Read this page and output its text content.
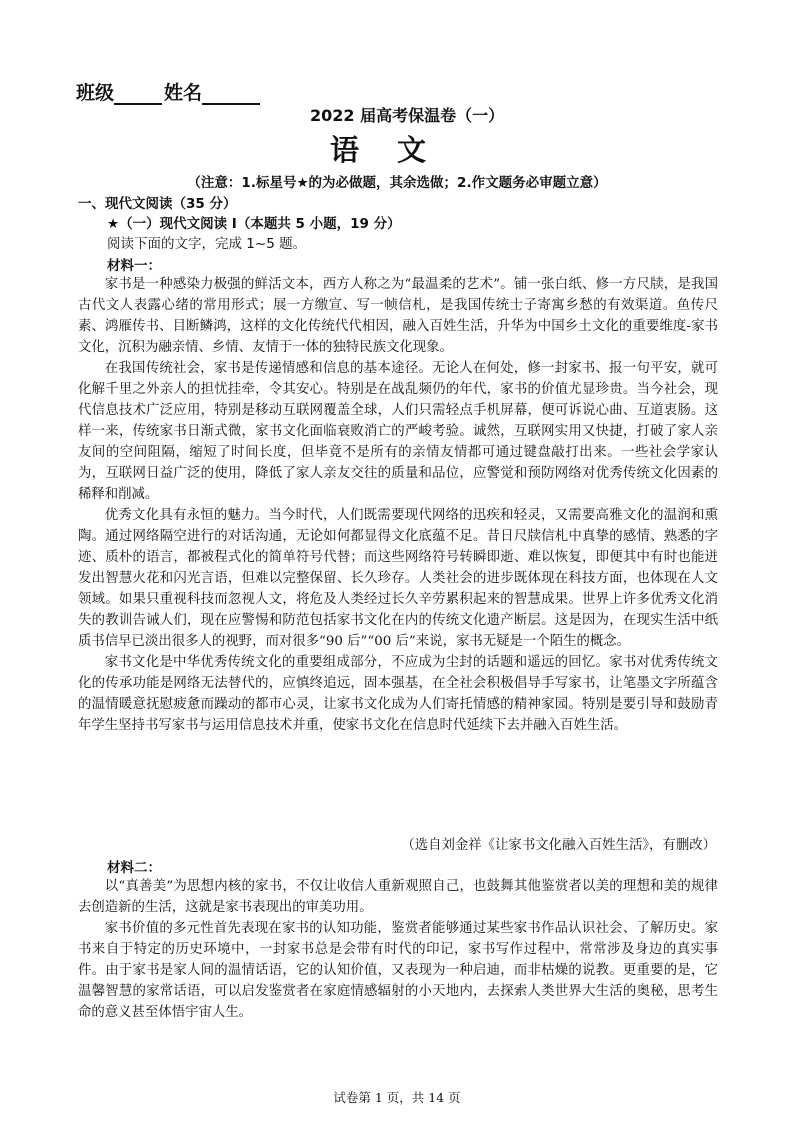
班级	姓名
2022 届高考保温卷（一）
语文
（注意：1.标星号★的为必做题，其余选做；2.作文题务必审题立意）
一、现代文阅读（35 分）
★（一）现代文阅读 I（本题共 5 小题，19 分）
阅读下面的文字，完成 1~5 题。
材料一：

家书是一种感染力极强的鲜活文本，西方人称之为“最温柔的艺术”。铺一张白纸、修一方尺牍，是我国古代文人表露心绪的常用形式；展一方缴宣、写一帧信札，是我国传统士子寄寓乡愁的有效渠道。鱼传尺素、鸿雁传书、目断鳞鸿，这样的文化传统代代相因，融入百姓生活，升华为中国乡土文化的重要维度-家书文化，沉积为融亲情、乡情、友情于一体的独特民族文化现象。

在我国传统社会，家书是传递情感和信息的基本途径。无论人在何处，修一封家书、报一句平安，就可化解千里之外亲人的担忧挂牵，令其安心。特别是在战乱频仍的年代，家书的价值尤显珍贵。当今社会，现代信息技术广泛应用，特别是移动互联网覆盖全球，人们只需轻点手机屏幕，便可诉说心曲、互道衷肠。这样一来，传统家书日渐式微，家书文化面临衰败消亡的严峻考验。诚然，互联网实用又快捷，打破了家人亲友间的空间阻隔，缩短了时间长度，但毕竟不是所有的亲情友情都可通过键盘敲打出来。一些社会学家认为，互联网日益广泛的使用，降低了家人亲友交往的质量和品位，应警觉和预防网络对优秀传统文化因素的稀释和削减。

优秀文化具有永恒的魅力。当今时代，人们既需要现代网络的迅疾和轻灵，又需要高雅文化的温润和熏陶。通过网络隔空进行的对话沟通，无论如何都显得文化底蕴不足。昔日尺牍信札中真挚的感情、熟悉的字迹、质朴的语言，都被程式化的简单符号代替；而这些网络符号转瞬即逝、难以恢复，即便其中有时也能迸发出智慧火花和闪光言语，但难以完整保留、长久珍存。人类社会的进步既体现在科技方面，也体现在人文领域。如果只重视科技而忽视人文，将危及人类经过长久辛劳累积起来的智慧成果。世界上许多优秀文化消失的教训告诫人们，现在应警惕和防范包括家书文化在内的传统文化遗产断层。这是因为，在现实生活中纸质书信早已淡出很多人的视野，而对很多“90 后”“00 后”来说，家书无疑是一个陌生的概念。

家书文化是中华优秀传统文化的重要组成部分，不应成为尘封的话题和遥远的回忆。家书对优秀传统文化的传承功能是网络无法替代的，应慎终追远，固本强基，在全社会积极倡导手写家书，让笔墨文字所蕴含的温情暖意抚慰疲惫而躁动的都市心灵，让家书文化成为人们寄托情感的精神家园。特别是要引导和鼓励青年学生坚持书写家书与运用信息技术并重，使家书文化在信息时代延续下去并融入百姓生活。

（选自刘金祥《让家书文化融入百姓生活》，有删改）
材料二：

以“真善美”为思想内核的家书，不仅让收信人重新观照自己，也鼓舞其他鉴赏者以美的理想和美的规律去创造新的生活，这就是家书表现出的审美功用。

家书价值的多元性首先表现在家书的认知功能，鉴赏者能够通过某些家书作品认识社会、了解历史。家书来自于特定的历史环境中，一封家书总是会带有时代的印记，家书写作过程中，常常涉及身边的真实事件。由于家书是家人间的温情话语，它的认知价值，又表现为一种启迪，而非枯燥的说教。更重要的是，它温馨智慧的家常话语，可以启发鉴赏者在家庭情感辐射的小天地内，去探索人类世界大生活的奥秘，思考生命的意义甚至体悟宇宙人生。

试卷第 1 页，共 14 页
